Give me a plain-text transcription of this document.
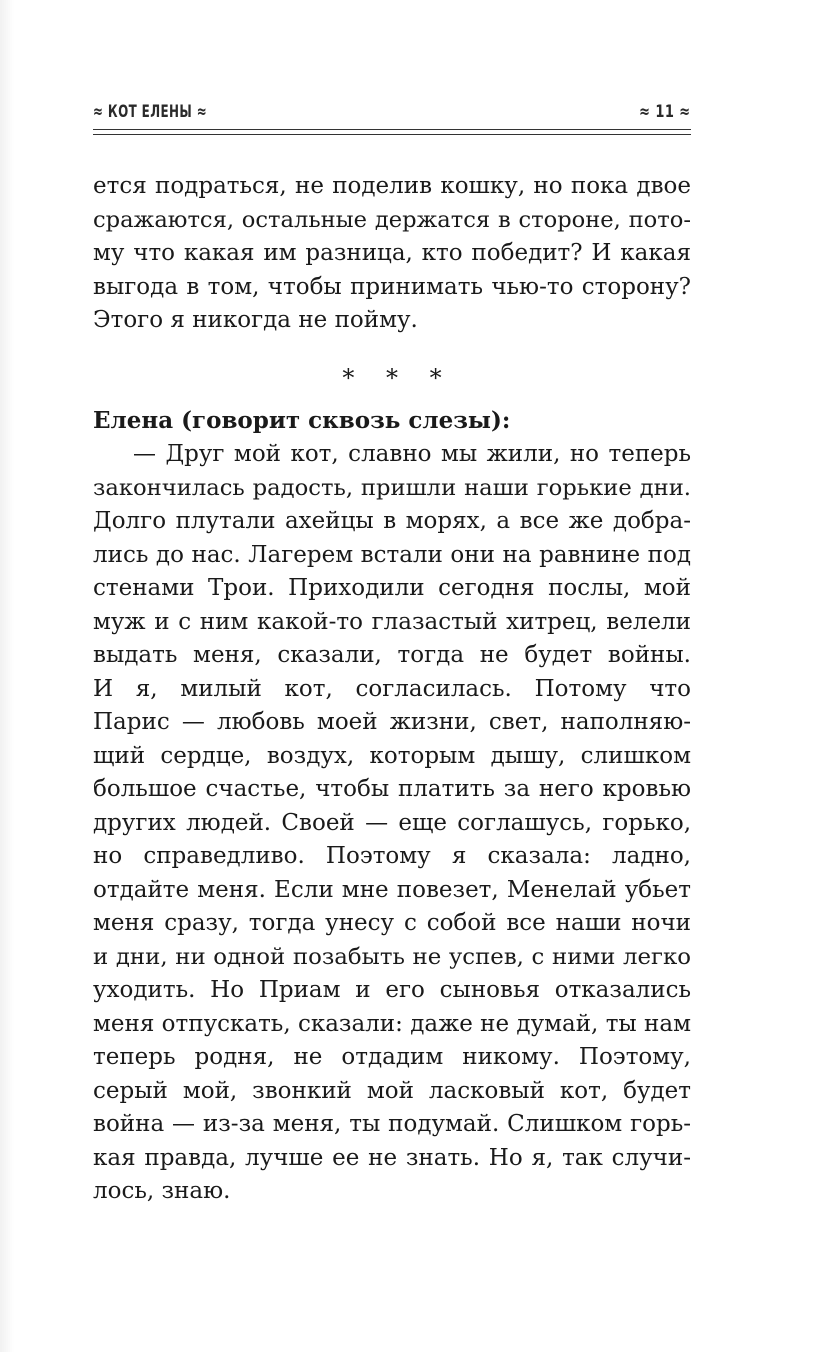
≈ КОТ ЕЛЕНЫ ≈	≈ 11 ≈
ется подраться, не поделив кошку, но пока двое
сражаются, остальные держатся в стороне, пото-
му что какая им разница, кто победит? И какая
выгода в том, чтобы принимать чью-то сторону?
Этого я никогда не пойму.
* * *
Елена (говорит сквозь слезы):
— Друг мой кот, славно мы жили, но теперь
закончилась радость, пришли наши горькие дни.
Долго плутали ахейцы в морях, а все же добра-
лись до нас. Лагерем встали они на равнине под
стенами Трои. Приходили сегодня послы, мой
муж и с ним какой-то глазастый хитрец, велели
выдать меня, сказали, тогда не будет войны.
И я, милый кот, согласилась. Потому что
Парис — любовь моей жизни, свет, наполняю-
щий сердце, воздух, которым дышу, слишком
большое счастье, чтобы платить за него кровью
других людей. Своей — еще соглашусь, горько,
но справедливо. Поэтому я сказала: ладно,
отдайте меня. Если мне повезет, Менелай убьет
меня сразу, тогда унесу с собой все наши ночи
и дни, ни одной позабыть не успев, с ними легко
уходить. Но Приам и его сыновья отказались
меня отпускать, сказали: даже не думай, ты нам
теперь родня, не отдадим никому. Поэтому,
серый мой, звонкий мой ласковый кот, будет
война — из-за меня, ты подумай. Слишком горь-
кая правда, лучше ее не знать. Но я, так случи-
лось, знаю.
